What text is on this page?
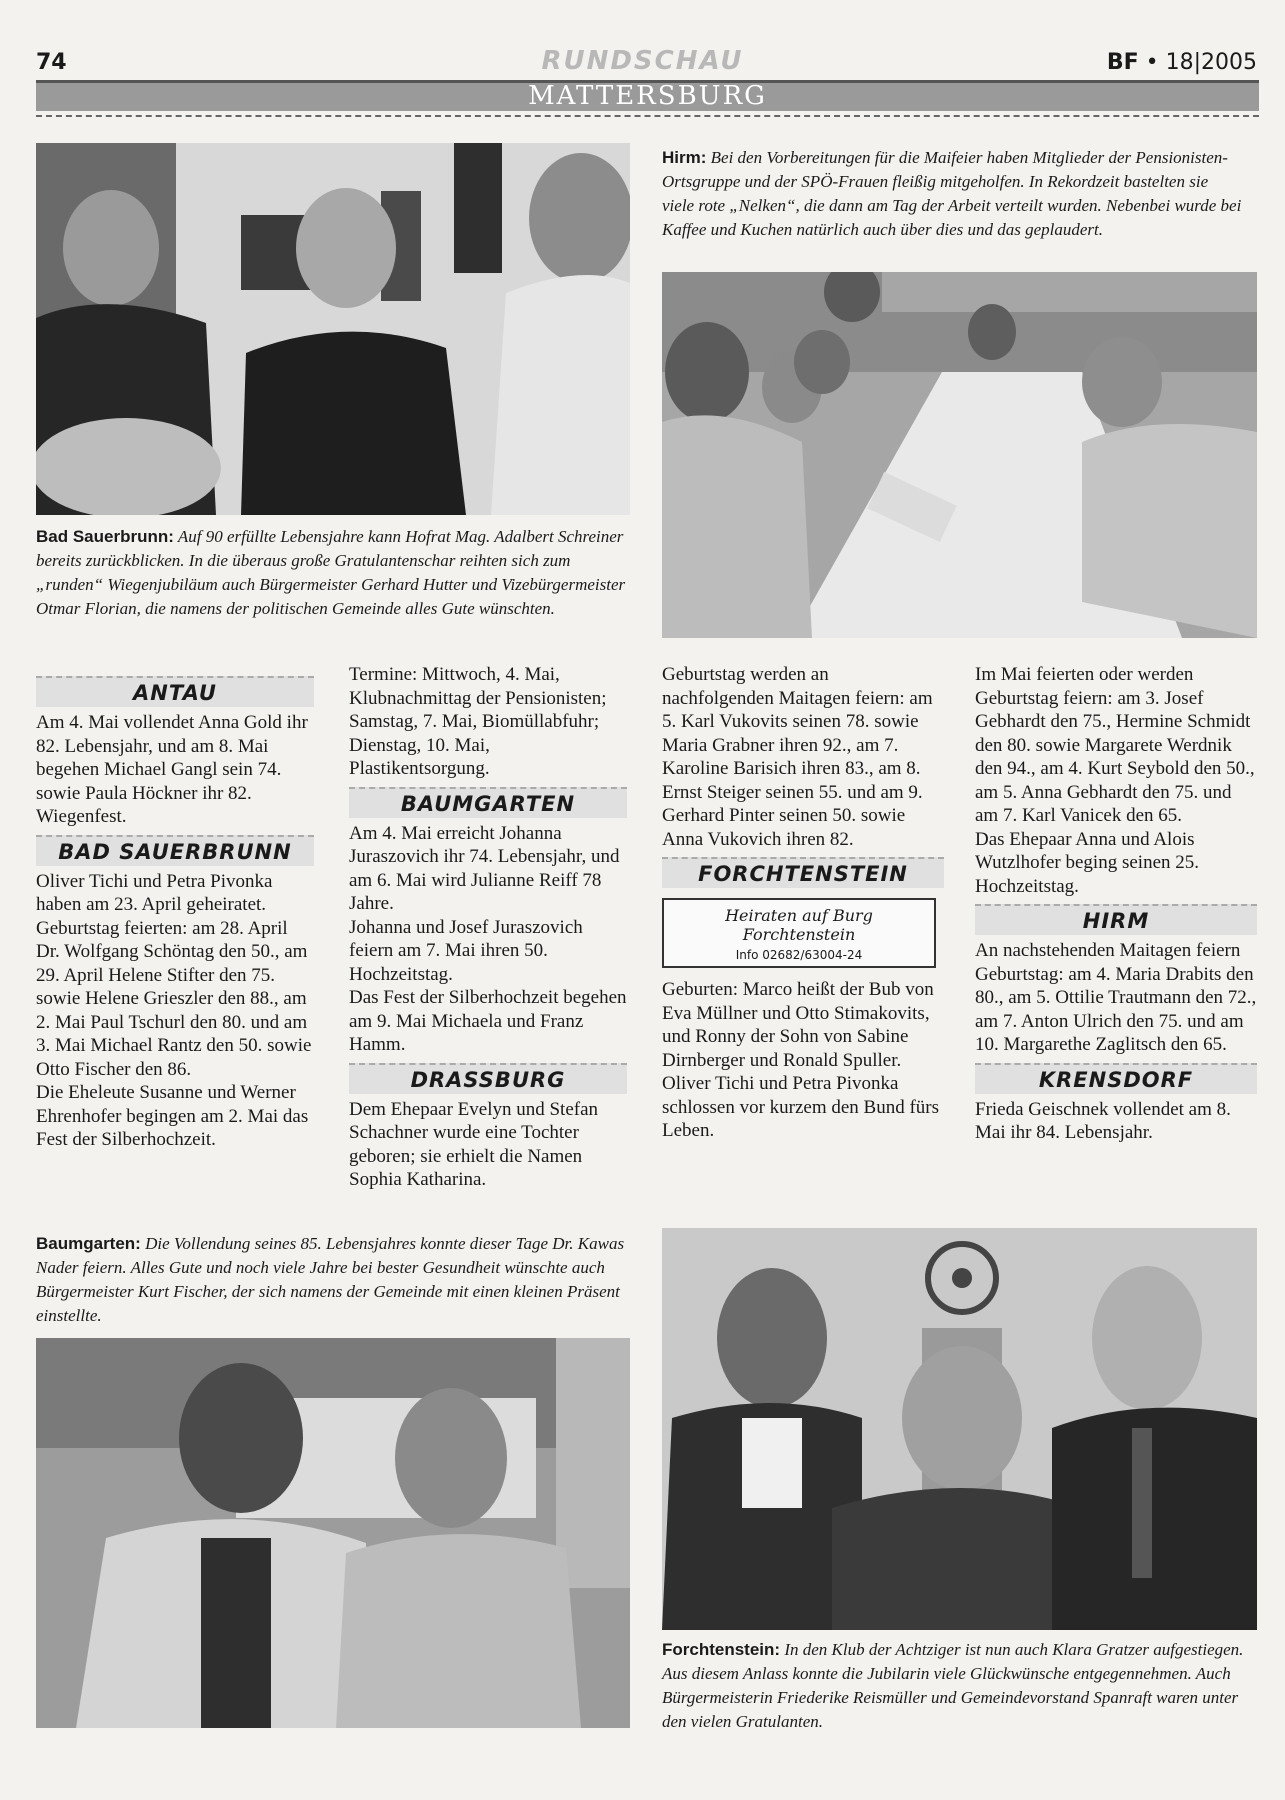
74	RUNDSCHAU	BF • 18|2005
MATTERSBURG
Bad Sauerbrunn: Auf 90 erfüllte Lebensjahre kann Hofrat Mag. Adalbert Schreiner bereits zurückblicken. In die überaus große Gratulantenschar reihten sich zum „runden“ Wiegenjubiläum auch Bürgermeister Gerhard Hutter und Vizebürgermeister Otmar Florian, die namens der politischen Gemeinde alles Gute wünschten.
Hirm: Bei den Vorbereitungen für die Maifeier haben Mitglieder der Pensionisten-Ortsgruppe und der SPÖ-Frauen fleißig mitgeholfen. In Rekordzeit bastelten sie viele rote „Nelken“, die dann am Tag der Arbeit verteilt wurden. Nebenbei wurde bei Kaffee und Kuchen natürlich auch über dies und das geplaudert.
ANTAU

Am 4. Mai vollendet Anna Gold ihr 82. Lebensjahr, und am 8. Mai begehen Michael Gangl sein 74. sowie Paula Höckner ihr 82. Wiegenfest.

BAD SAUERBRUNN

Oliver Tichi und Petra Pivonka haben am 23. April geheiratet.

Geburtstag feierten: am 28. April Dr. Wolfgang Schöntag den 50., am 29. April Helene Stifter den 75. sowie Helene Grieszler den 88., am 2. Mai Paul Tschurl den 80. und am 3. Mai Michael Rantz den 50. sowie Otto Fischer den 86.

Die Eheleute Susanne und Werner Ehrenhofer begingen am 2. Mai das Fest der Silberhochzeit.

Termine: Mittwoch, 4. Mai, Klubnachmittag der Pensionisten; Samstag, 7. Mai, Biomüllabfuhr; Dienstag, 10. Mai, Plastikentsorgung.

BAUMGARTEN

Am 4. Mai erreicht Johanna Juraszovich ihr 74. Lebensjahr, und am 6. Mai wird Julianne Reiff 78 Jahre.

Johanna und Josef Juraszovich feiern am 7. Mai ihren 50. Hochzeitstag.

Das Fest der Silberhochzeit begehen am 9. Mai Michaela und Franz Hamm.

DRASSBURG

Dem Ehepaar Evelyn und Stefan Schachner wurde eine Tochter geboren; sie erhielt die Namen Sophia Katharina.

Geburtstag werden an nachfolgenden Maitagen feiern: am 5. Karl Vukovits seinen 78. sowie Maria Grabner ihren 92., am 7. Karoline Barisich ihren 83., am 8. Ernst Steiger seinen 55. und am 9. Gerhard Pinter seinen 50. sowie Anna Vukovich ihren 82.

FORCHTENSTEIN
Heiraten auf Burg Forchtenstein
Info 02682/63004-24

Geburten: Marco heißt der Bub von Eva Müllner und Otto Stimakovits, und Ronny der Sohn von Sabine Dirnberger und Ronald Spuller.

Oliver Tichi und Petra Pivonka schlossen vor kurzem den Bund fürs Leben.

Im Mai feierten oder werden Geburtstag feiern: am 3. Josef Gebhardt den 75., Hermine Schmidt den 80. sowie Margarete Werdnik den 94., am 4. Kurt Seybold den 50., am 5. Anna Gebhardt den 75. und am 7. Karl Vanicek den 65.

Das Ehepaar Anna und Alois Wutzlhofer beging seinen 25. Hochzeitstag.

HIRM

An nachstehenden Maitagen feiern Geburtstag: am 4. Maria Drabits den 80., am 5. Ottilie Trautmann den 72., am 7. Anton Ulrich den 75. und am 10. Margarethe Zaglitsch den 65.

KRENSDORF

Frieda Geischnek vollendet am 8. Mai ihr 84. Lebensjahr.

Baumgarten: Die Vollendung seines 85. Lebensjahres konnte dieser Tage Dr. Kawas Nader feiern. Alles Gute und noch viele Jahre bei bester Gesundheit wünschte auch Bürgermeister Kurt Fischer, der sich namens der Gemeinde mit einen kleinen Präsent einstellte.
Forchtenstein: In den Klub der Achtziger ist nun auch Klara Gratzer aufgestiegen. Aus diesem Anlass konnte die Jubilarin viele Glückwünsche entgegennehmen. Auch Bürgermeisterin Friederike Reismüller und Gemeindevorstand Spanraft waren unter den vielen Gratulanten.
